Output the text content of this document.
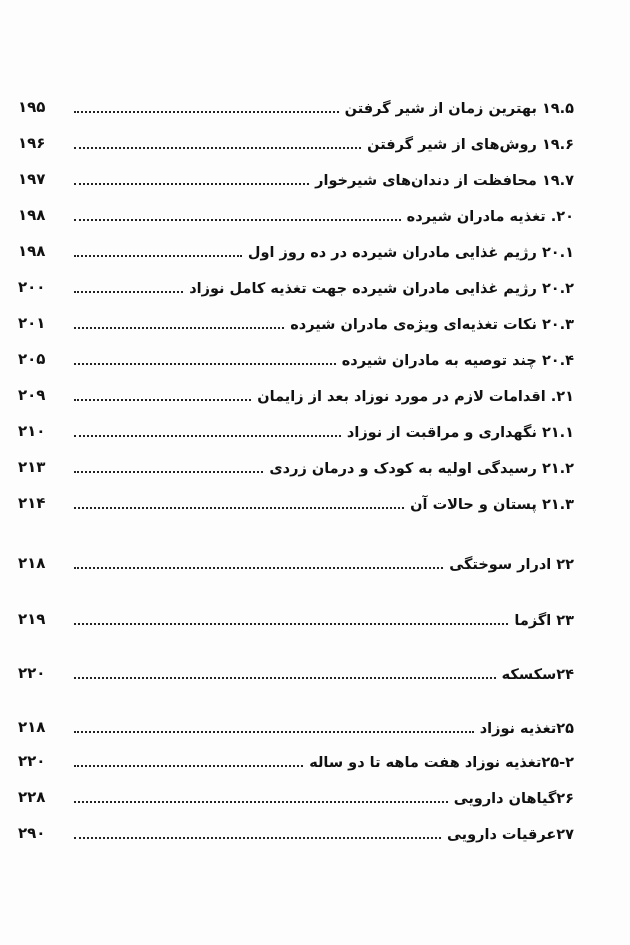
۱۹.۵ بهترین زمان از شیر گرفتن
۱۹۵
۱۹.۶ روش‌های از شیر گرفتن
۱۹۶
۱۹.۷ محافظت از دندان‌های شیرخوار
۱۹۷
۲۰. تغذیه مادران شیرده
۱۹۸
۲۰.۱ رژیم غذایی مادران شیرده در ده روز اول
۱۹۸
۲۰.۲ رژیم غذایی مادران شیرده جهت تغذیه کامل نوزاد
۲۰۰
۲۰.۳ نکات تغذیه‌ای ویژه‌ی مادران شیرده
۲۰۱
۲۰.۴ چند توصیه به مادران شیرده
۲۰۵
۲۱. اقدامات لازم در مورد نوزاد بعد از زایمان
۲۰۹
۲۱.۱ نگهداری و مراقبت از نوزاد
۲۱۰
۲۱.۲ رسیدگی اولیه به کودک و درمان زردی
۲۱۳
۲۱.۳ پستان و حالات آن
۲۱۴
۲۲ ادرار سوختگی
۲۱۸
۲۳ اگزما
۲۱۹
۲۴سکسکه
۲۲۰
۲۵تغذیه نوزاد
۲۱۸
۲۵-۲تغذیه نوزاد هفت ماهه تا دو ساله
۲۲۰
۲۶گیاهان دارویی
۲۲۸
۲۷عرقیات دارویی
۲۹۰
